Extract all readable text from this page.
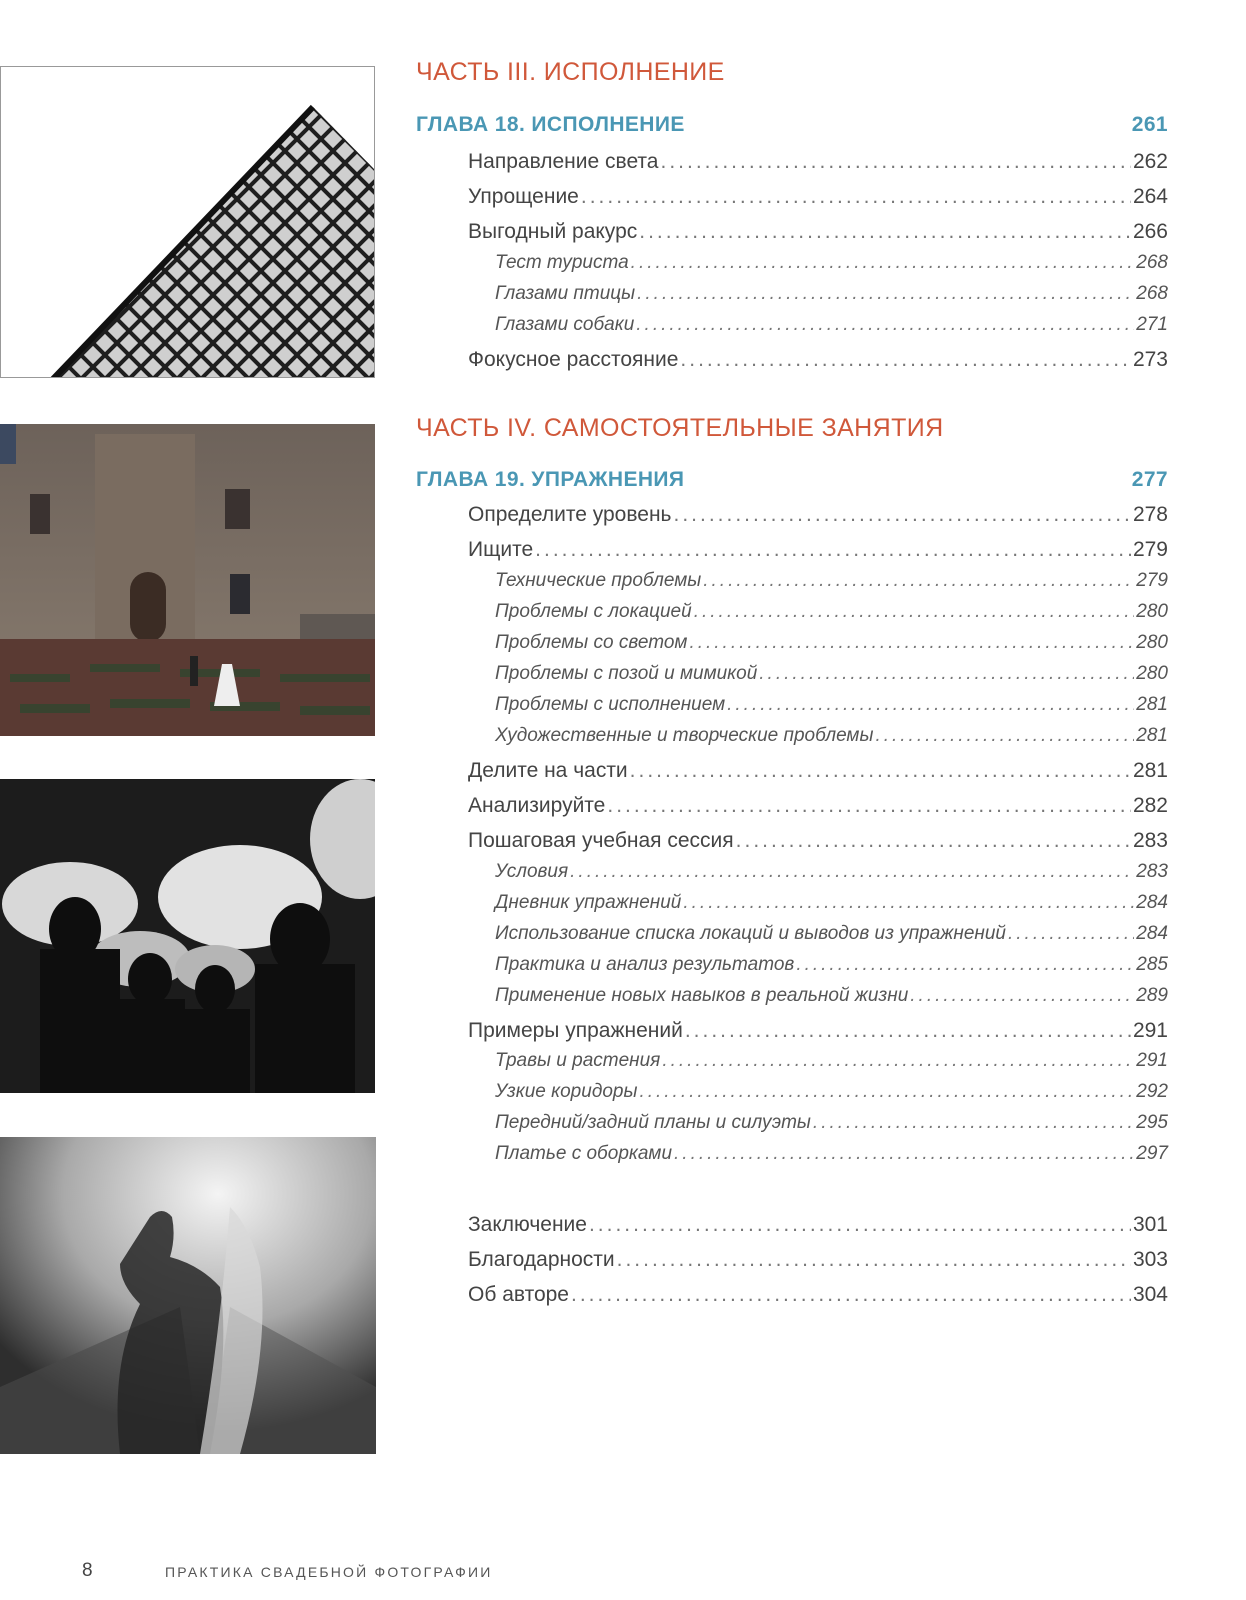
ЧАСТЬ III. ИСПОЛНЕНИЕ
ГЛАВА 18. ИСПОЛНЕНИЕ	261
Направление света .....	262
Упрощение .....	264
Выгодный ракурс .....	266
Тест туриста .....	268
Глазами птицы .....	268
Глазами собаки .....	271
Фокусное расстояние .....	273
ЧАСТЬ IV. САМОСТОЯТЕЛЬНЫЕ ЗАНЯТИЯ
ГЛАВА 19. УПРАЖНЕНИЯ	277
Определите уровень .....	278
Ищите .....	279
Технические проблемы .....	279
Проблемы с локацией .....	280
Проблемы со светом .....	280
Проблемы с позой и мимикой .....	280
Проблемы с исполнением .....	281
Художественные и творческие проблемы .....	281
Делите на части .....	281
Анализируйте .....	282
Пошаговая учебная сессия .....	283
Условия .....	283
Дневник упражнений .....	284
Использование списка локаций и выводов из упражнений .....	284
Практика и анализ результатов .....	285
Применение новых навыков в реальной жизни .....	289
Примеры упражнений .....	291
Травы и растения .....	291
Узкие коридоры .....	292
Передний/задний планы и силуэты .....	295
Платье с оборками .....	297
Заключение .....	301
Благодарности .....	303
Об авторе .....	304
8	ПРАКТИКА СВАДЕБНОЙ ФОТОГРАФИИ
